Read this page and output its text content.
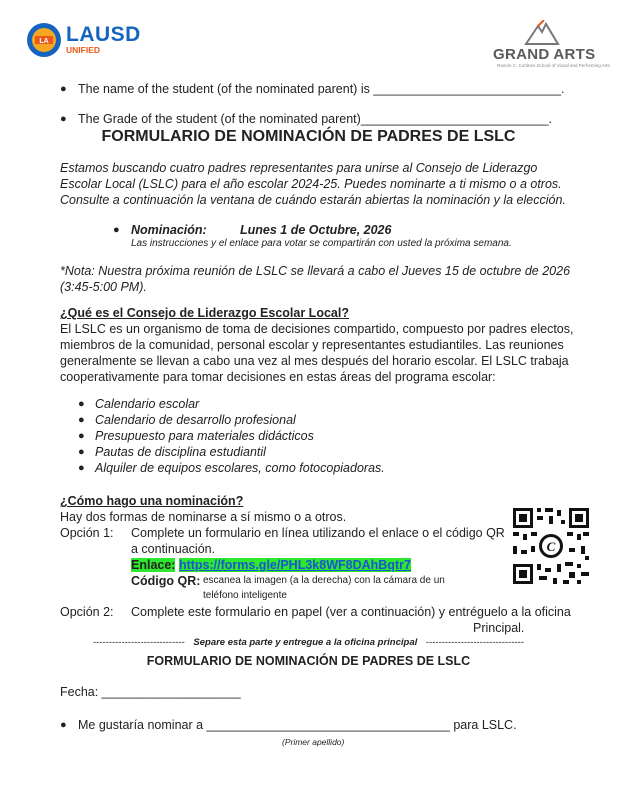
LA LAUSD
UNIFIED	GRAND ARTS
Ramón C. Cortines School of Visual and Performing Arts
● The name of the student (of the nominated parent) is ___________________________.
● The Grade of the student (of the nominated parent)___________________________.
FORMULARIO DE NOMINACIÓN DE PADRES DE LSLC
Estamos buscando cuatro padres representantes para unirse al Consejo de Liderazgo
Escolar Local (LSLC) para el año escolar 2024-25. Puedes nominarte a ti mismo o a otros.
Consulte a continuación la ventana de cuándo estarán abiertas la nominación y la elección.
● Nominación:	Lunes 1 de Octubre, 2026
Las instrucciones y el enlace para votar se compartirán con usted la próxima semana.
*Nota: Nuestra próxima reunión de LSLC se llevará a cabo el Jueves 15 de octubre de 2026
(3:45-5:00 PM).
¿Qué es el Consejo de Liderazgo Escolar Local?
El LSLC es un organismo de toma de decisiones compartido, compuesto por padres electos,
miembros de la comunidad, personal escolar y representantes estudiantiles. Las reuniones
generalmente se llevan a cabo una vez al mes después del horario escolar. El LSLC trabaja
cooperativamente para tomar decisiones en estas áreas del programa escolar:
● Calendario escolar
● Calendario de desarrollo profesional
● Presupuesto para materiales didácticos
● Pautas de disciplina estudiantil
● Alquiler de equipos escolares, como fotocopiadoras.
¿Cómo hago una nominación?
Hay dos formas de nominarse a sí mismo o a otros.
Opción 1: Complete un formulario en línea utilizando el enlace o el código QR
a continuación.
Enlace: https://forms.gle/PHL3k8WF8DAhBqtr7
Código QR: escanea la imagen (a la derecha) con la cámara de un
teléfono inteligente
C
Opción 2: Complete este formulario en papel (ver a continuación) y entréguelo a la oficina
Principal.
----------------------------- Separe esta parte y entregue a la oficina principal -------------------------------
FORMULARIO DE NOMINACIÓN DE PADRES DE LSLC
Fecha: ____________________
● Me gustaría nominar a ___________________________________ para LSLC.
(Primer apellido)
